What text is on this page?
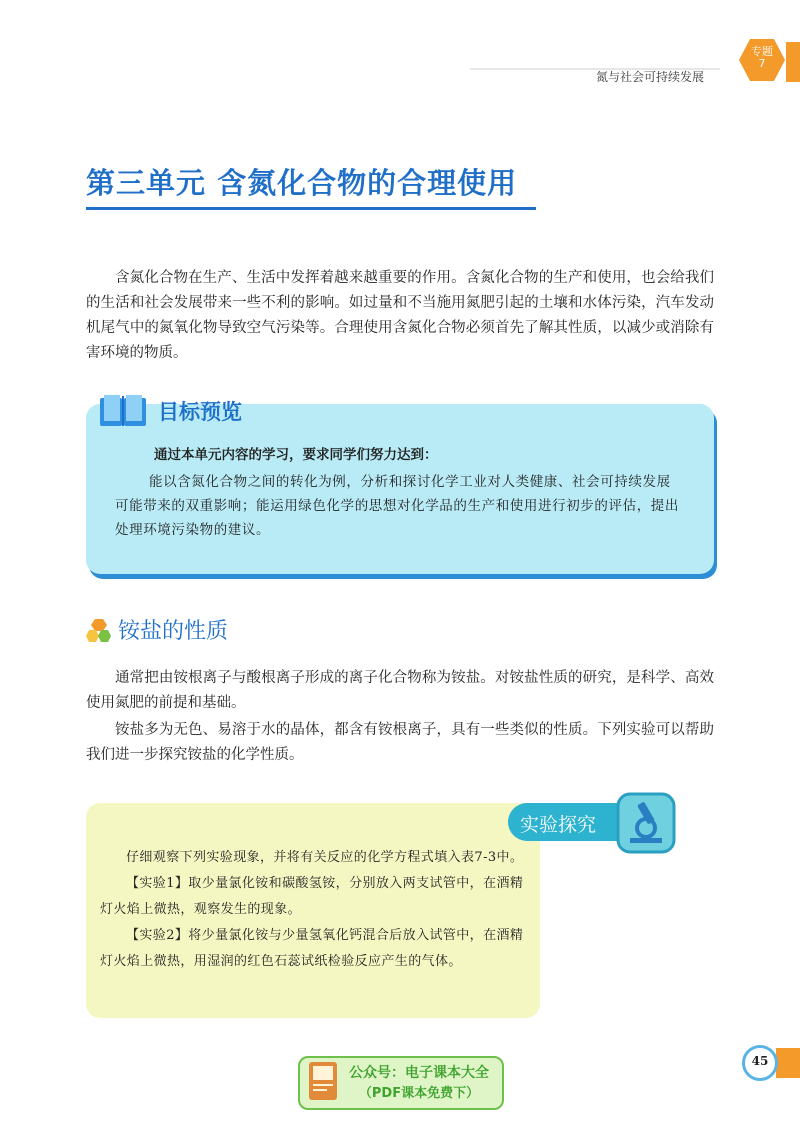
氮与社会可持续发展
专题
7
第三单元 含氮化合物的合理使用
含氮化合物在生产、生活中发挥着越来越重要的作用。含氮化合物的生产和使用，也会给我们的生活和社会发展带来一些不利的影响。如过量和不当施用氮肥引起的土壤和水体污染，汽车发动机尾气中的氮氧化物导致空气污染等。合理使用含氮化合物必须首先了解其性质，以减少或消除有害环境的物质。
目标预览
通过本单元内容的学习，要求同学们努力达到：
能以含氮化合物之间的转化为例，分析和探讨化学工业对人类健康、社会可持续发展可能带来的双重影响；能运用绿色化学的思想对化学品的生产和使用进行初步的评估，提出处理环境污染物的建议。
铵盐的性质
通常把由铵根离子与酸根离子形成的离子化合物称为铵盐。对铵盐性质的研究，是科学、高效使用氮肥的前提和基础。
铵盐多为无色、易溶于水的晶体，都含有铵根离子，具有一些类似的性质。下列实验可以帮助我们进一步探究铵盐的化学性质。
实验探究

仔细观察下列实验现象，并将有关反应的化学方程式填入表7-3中。

【实验1】取少量氯化铵和碳酸氢铵，分别放入两支试管中，在酒精灯火焰上微热，观察发生的现象。

【实验2】将少量氯化铵与少量氢氧化钙混合后放入试管中，在酒精灯火焰上微热，用湿润的红色石蕊试纸检验反应产生的气体。

公众号：电子课本大全
（PDF课本免费下）
45
